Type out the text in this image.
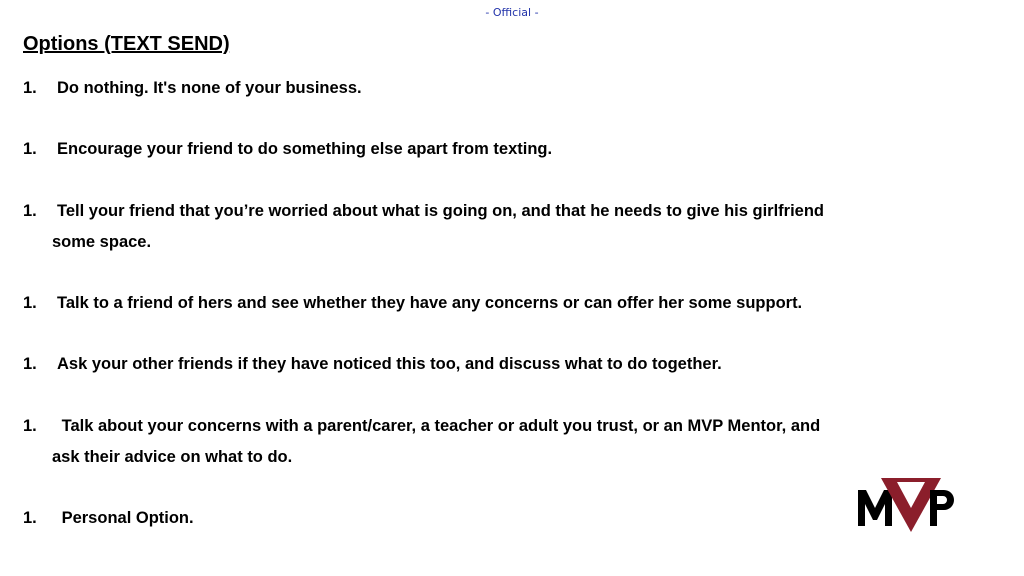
- Official -
Options (TEXT SEND)
1. Do nothing. It's none of your business.
1. Encourage your friend to do something else apart from texting.
1. Tell your friend that you’re worried about what is going on, and that he needs to give his girlfriend
some space.
1. Talk to a friend of hers and see whether they have any concerns or can offer her some support.
1. Ask your other friends if they have noticed this too, and discuss what to do together.
1. Talk about your concerns with a parent/carer, a teacher or adult you trust, or an MVP Mentor, and
ask their advice on what to do.
1. Personal Option.
